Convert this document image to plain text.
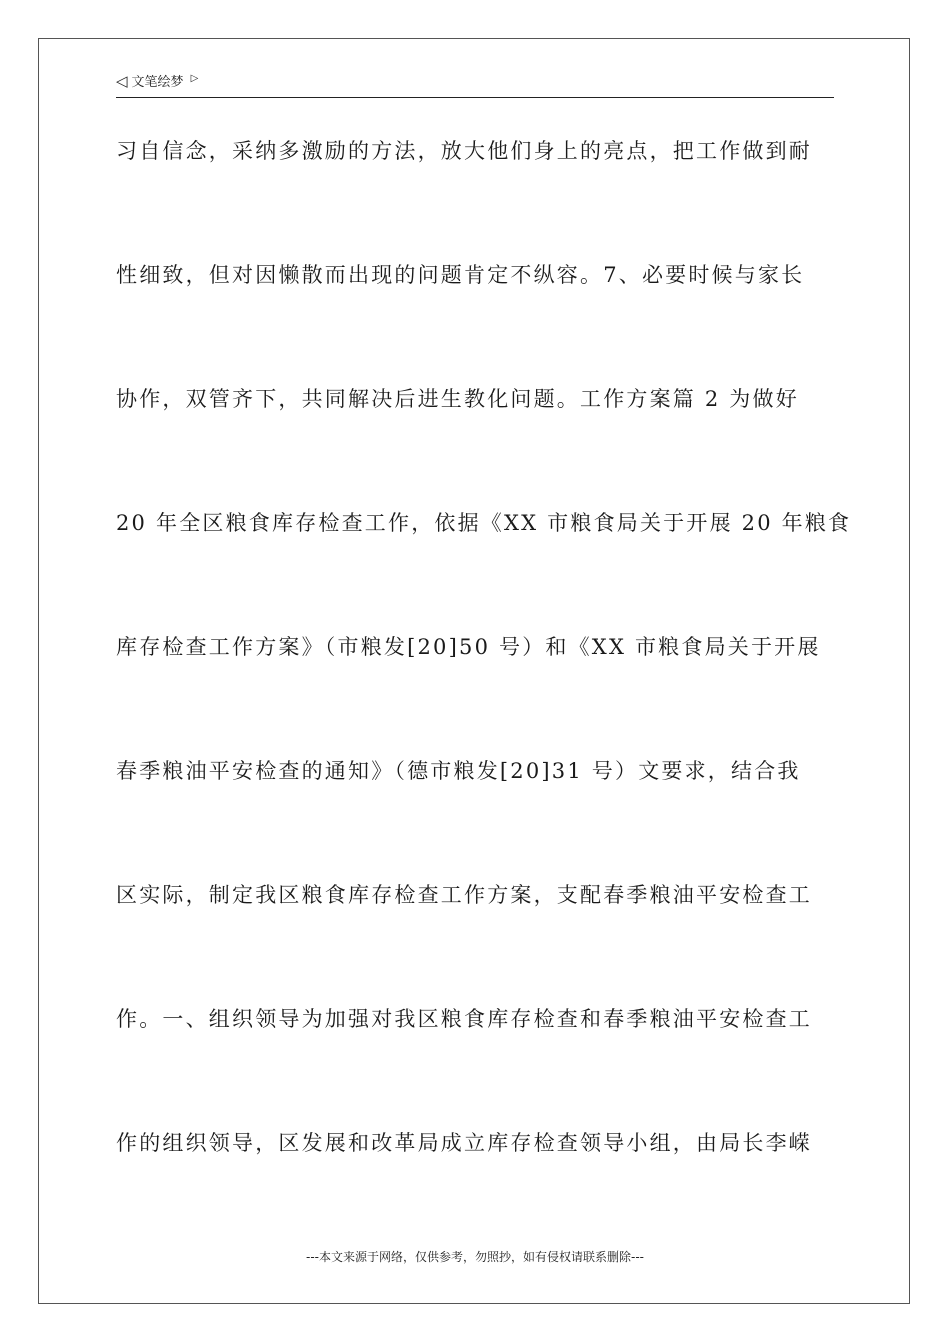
◁ 文笔绘梦 ▷
习自信念，采纳多激励的方法，放大他们身上的亮点，把工作做到耐
性细致，但对因懒散而出现的问题肯定不纵容。7、必要时候与家长
协作，双管齐下，共同解决后进生教化问题。工作方案篇 2 为做好
20 年全区粮食库存检查工作，依据《XX 市粮食局关于开展 20 年粮食
库存检查工作方案》（市粮发[20]50 号）和《XX 市粮食局关于开展
春季粮油平安检查的通知》（德市粮发[20]31 号）文要求，结合我
区实际，制定我区粮食库存检查工作方案，支配春季粮油平安检查工
作。一、组织领导为加强对我区粮食库存检查和春季粮油平安检查工
作的组织领导，区发展和改革局成立库存检查领导小组，由局长李嵘
---本文来源于网络，仅供参考，勿照抄，如有侵权请联系删除---
